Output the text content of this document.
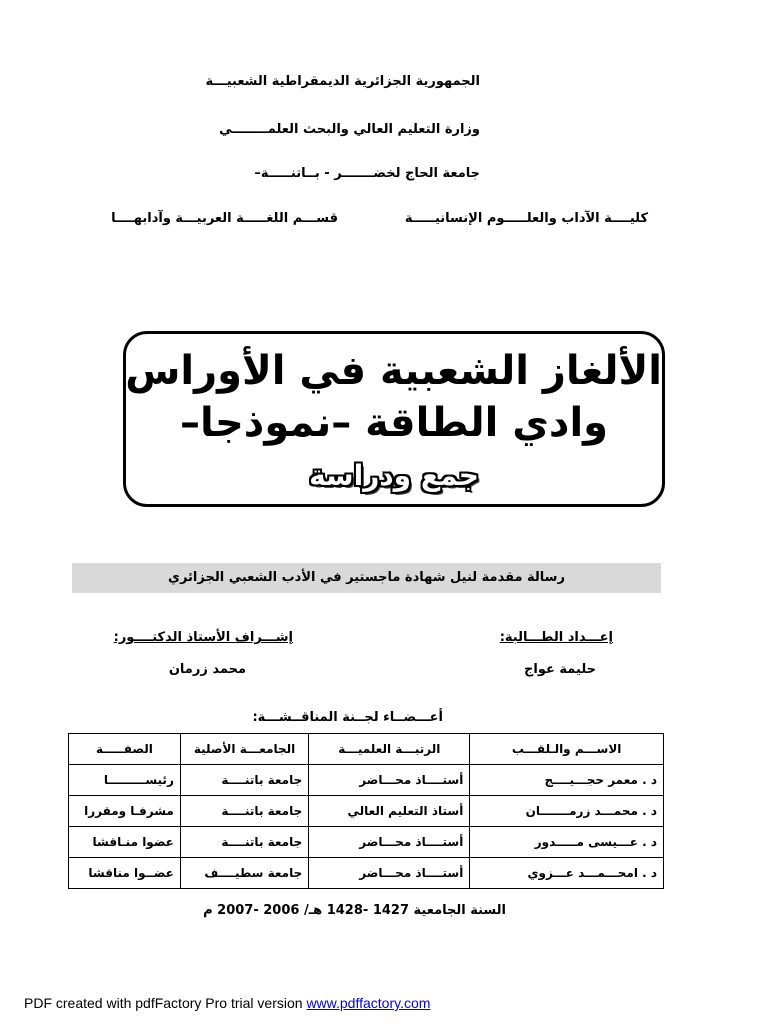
الجمهورية الجزائرية الديمقراطية الشعبيـــة
وزارة التعليم العالي والبحث العلمــــــــي
جامعة الحاج لخضـــــــر - بــاتنـــــة–
كليــــة الآداب والعلـــــوم الإنسانيـــــة
قســـم اللغـــــة العربيـــة وآدابهــــا
الألغاز الشعبية في الأوراس
وادي الطاقة –نموذجا–
جمع ودراسة
رسالة مقدمة لنيل شهادة ماجستير في الأدب الشعبي الجزائري
إعـــداد الطـــالبة:
حليمة عواج
إشـــراف الأستاذ الدكتــــور:
محمد زرمان
أعـــضــاء لجــنة المناقــشـــة:
الاســـم والـلقـــب	الرتبـــة العلميـــة	الجامعـــة الأصلية	الصفـــــة
د . معمر حجـــيــــج	أستــــاذ محـــاضر	جامعة باتنــــة	رئيســـــــــا
د . محمـــد زرمـــــــان	أستاذ التعليم العالي	جامعة باتنــــة	مشرفـا ومقررا
د . عـــيسى مـــــدور	أستــــاذ محـــاضر	جامعة باتنــــة	عضوا منـاقشا
د . امحـــمـــد عـــزوي	أستــــاذ محـــاضر	جامعة سطيــــف	عضــوا مناقشا
السنة الجامعية 1427 -1428 هـ/ 2006 -2007 م
PDF created with pdfFactory Pro trial version www.pdffactory.com
